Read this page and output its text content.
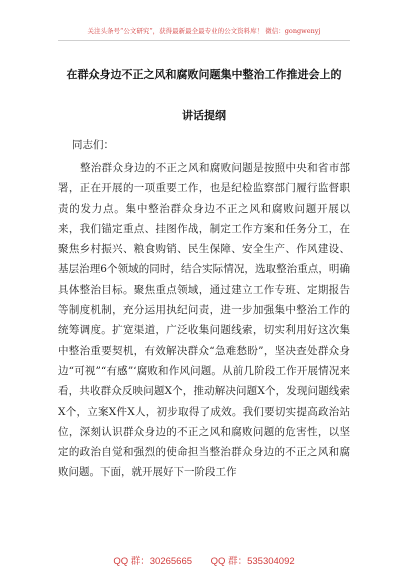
关注头条号“公文研究”，获得最新最全最专业的公文资料库！ 微信：gongwenyj
在群众身边不正之风和腐败问题集中整治工作推进会上的
讲话提纲
同志们：

整治群众身边的不正之风和腐败问题是按照中央和省市部署，正在开展的一项重要工作，也是纪检监察部门履行监督职责的发力点。集中整治群众身边不正之风和腐败问题开展以来，我们锚定重点、挂图作战，制定工作方案和任务分工，在聚焦乡村振兴、粮食购销、民生保障、安全生产、作风建设、基层治理6个领域的同时，结合实际情况，选取整治重点，明确具体整治目标。聚焦重点领域，通过建立工作专班、定期报告等制度机制，充分运用执纪问责，进一步加强集中整治工作的统筹调度。扩宽渠道，广泛收集问题线索，切实利用好这次集中整治重要契机，有效解决群众“急难愁盼”，坚决查处群众身边“可视”“有感”‘腐败和作风问题。从前几阶段工作开展情况来看，共收群众反映问题X个，推动解决问题X个，发现问题线索X个，立案X件X人，初步取得了成效。我们要切实提高政治站位，深刻认识群众身边的不正之风和腐败问题的危害性，以坚定的政治自觉和强烈的使命担当整治群众身边的不正之风和腐败问题。下面，就开展好下一阶段工作

QQ 群：30265665 QQ 群：535304092
